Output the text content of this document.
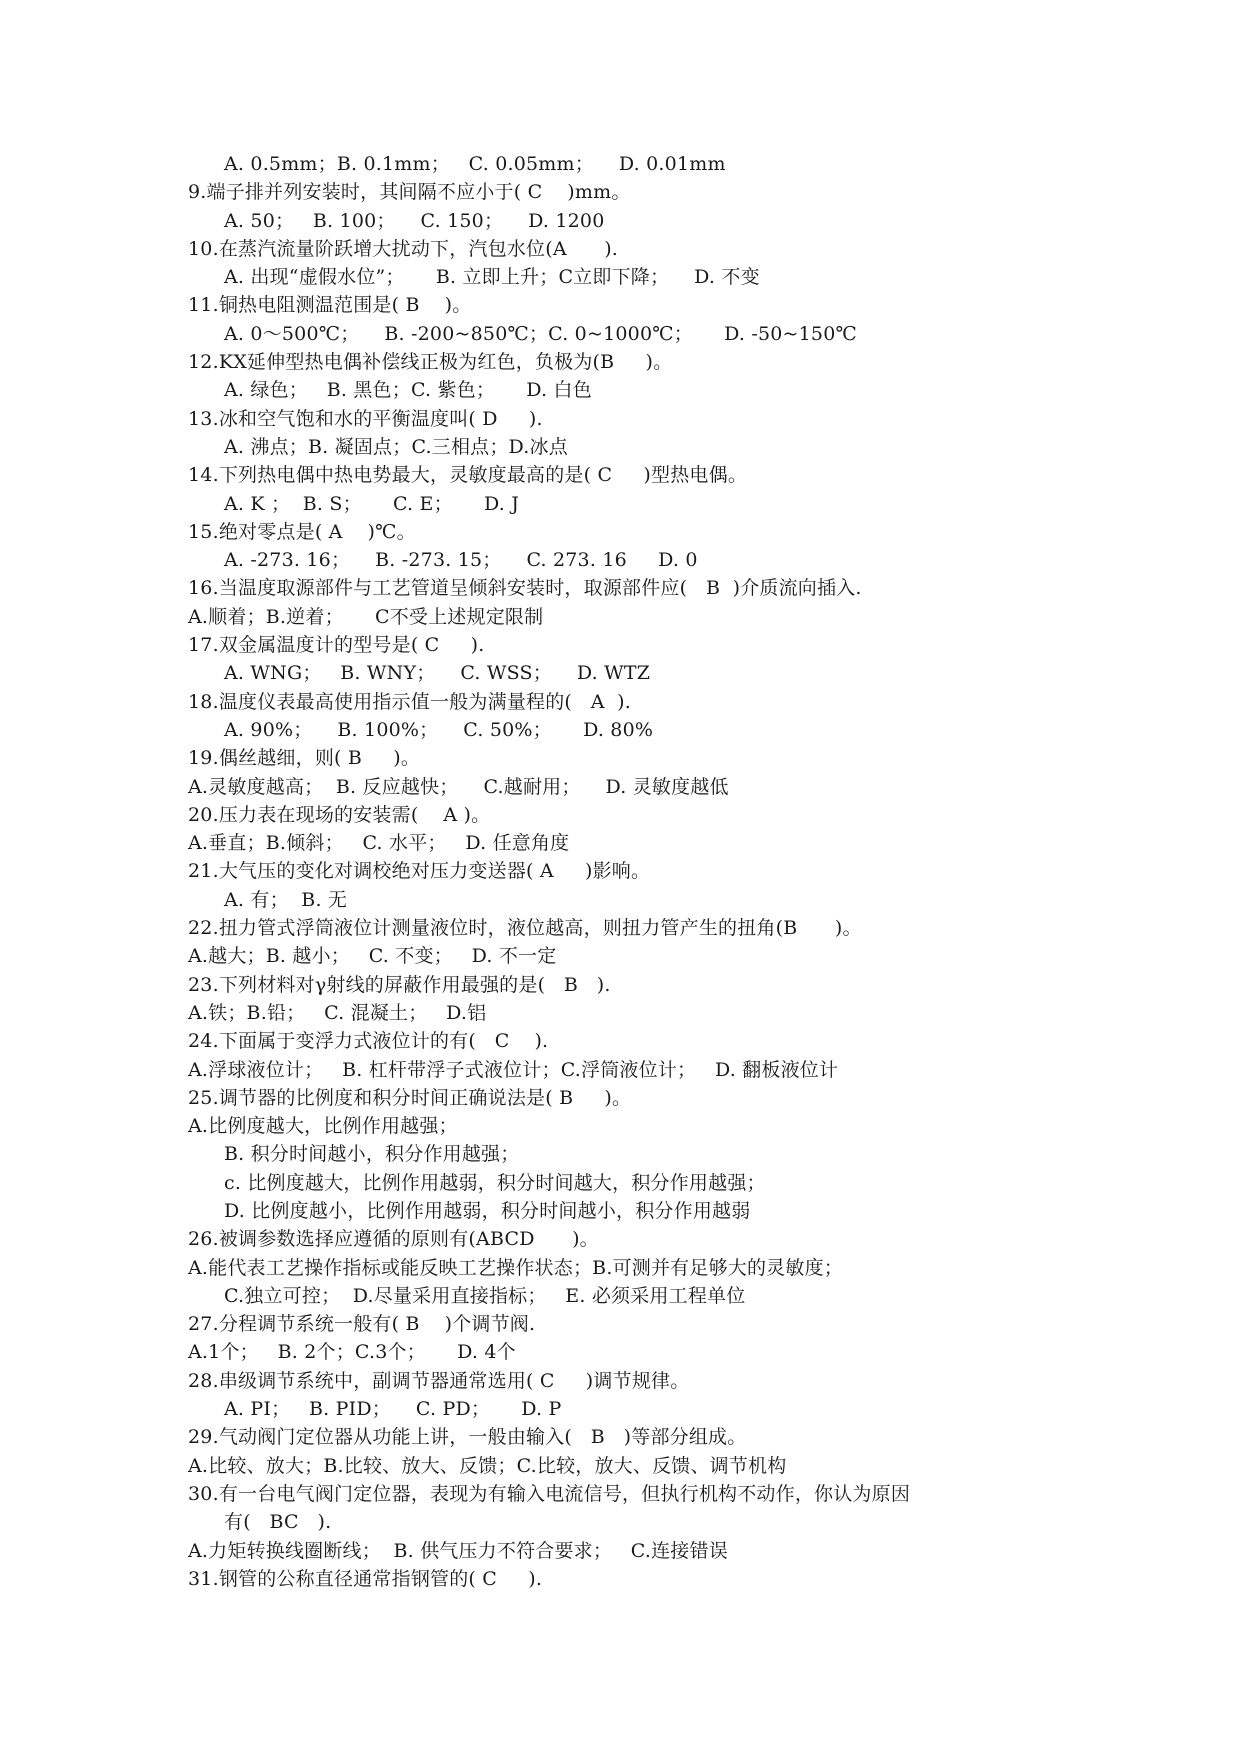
A. 0.5mm；B. 0.1mm；   C. 0.05mm；    D. 0.01mm
9.端子排并列安装时，其间隔不应小于( C    )mm。
A. 50；   B. 100；    C. 150；    D. 1200
10.在蒸汽流量阶跃增大扰动下，汽包水位(A      ).
A. 出现“虚假水位”；     B. 立即上升；C立即下降；    D. 不变
11.铜热电阻测温范围是( B    )。
A. 0～500℃；    B. -200~850℃；C. 0~1000℃；     D. -50~150℃
12.KX延伸型热电偶补偿线正极为红色，负极为(B     )。
A. 绿色；   B. 黑色；C. 紫色；     D. 白色
13.冰和空气饱和水的平衡温度叫( D     ).
A. 沸点；B. 凝固点；C.三相点；D.冰点
14.下列热电偶中热电势最大，灵敏度最高的是( C     )型热电偶。
A. K ；  B. S；     C. E；     D. J
15.绝对零点是( A    )℃。
A. -273. 16；    B. -273. 15；    C. 273. 16     D. 0
16.当温度取源部件与工艺管道呈倾斜安装时，取源部件应(   B  )介质流向插入.
A.顺着；B.逆着；     C不受上述规定限制
17.双金属温度计的型号是( C     ).
A. WNG；   B. WNY；    C. WSS；    D. WTZ
18.温度仪表最高使用指示值一般为满量程的(   A  ).
A. 90%；    B. 100%；    C. 50%；     D. 80%
19.偶丝越细，则( B     )。
A.灵敏度越高；  B. 反应越快；    C.越耐用；    D. 灵敏度越低
20.压力表在现场的安装需(    A )。
A.垂直；B.倾斜；   C. 水平；   D. 任意角度
21.大气压的变化对调校绝对压力变送器( A     )影响。
A. 有；  B. 无
22.扭力管式浮筒液位计测量液位时，液位越高，则扭力管产生的扭角(B      )。
A.越大；B. 越小；   C. 不变；   D. 不一定
23.下列材料对γ射线的屏蔽作用最强的是(   B   ).
A.铁；B.铅；   C. 混凝土；   D.铝
24.下面属于变浮力式液位计的有(   C    ).
A.浮球液位计；   B. 杠杆带浮子式液位计；C.浮筒液位计；   D. 翻板液位计
25.调节器的比例度和积分时间正确说法是( B     )。
A.比例度越大，比例作用越强；
B. 积分时间越小，积分作用越强；
c. 比例度越大，比例作用越弱，积分时间越大，积分作用越强；
D. 比例度越小，比例作用越弱，积分时间越小，积分作用越弱
26.被调参数选择应遵循的原则有(ABCD      )。
A.能代表工艺操作指标或能反映工艺操作状态；B.可测并有足够大的灵敏度；
C.独立可控；  D.尽量采用直接指标；   E. 必须采用工程单位
27.分程调节系统一般有( B    )个调节阀.
A.1个；   B. 2个；C.3个；     D. 4个
28.串级调节系统中，副调节器通常选用( C     )调节规律。
A. PI；   B. PID；    C. PD；     D. P
29.气动阀门定位器从功能上讲，一般由输入(   B   )等部分组成。
A.比较、放大；B.比较、放大、反馈；C.比较，放大、反馈、调节机构
30.有一台电气阀门定位器，表现为有输入电流信号，但执行机构不动作，你认为原因
有(   BC   ).
A.力矩转换线圈断线；  B. 供气压力不符合要求；   C.连接错误
31.钢管的公称直径通常指钢管的( C     ).
